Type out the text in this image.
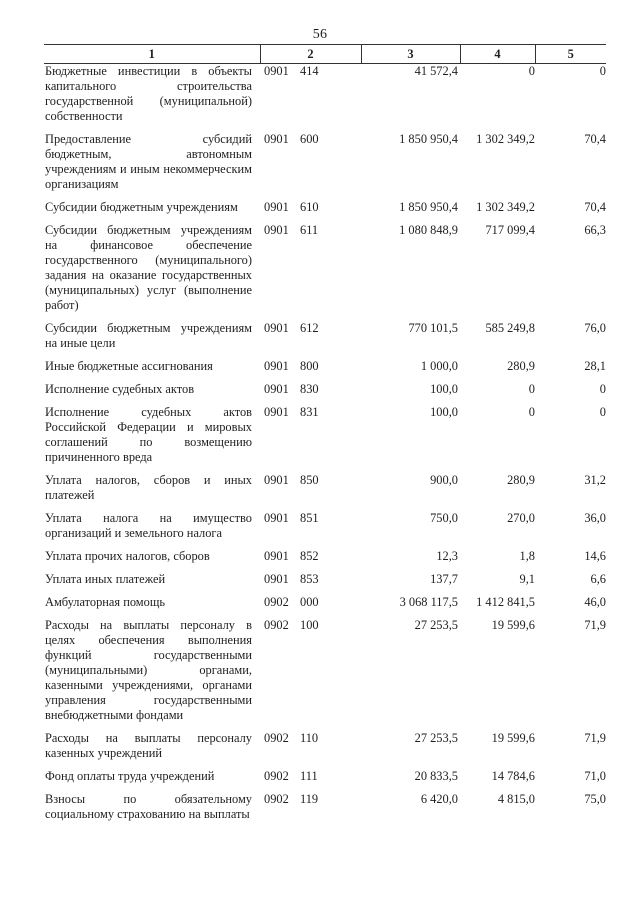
56
1	2	3	4	5
Бюджетные инвестиции в объекты капитального строительства государственной (муниципальной) собственности	0901 414	41 572,4	0	0
Предоставление субсидий бюджетным, автономным учреждениям и иным некоммерческим организациям	0901 600	1 850 950,4	1 302 349,2	70,4
Субсидии бюджетным учреждениям	0901 610	1 850 950,4	1 302 349,2	70,4
Субсидии бюджетным учреждениям на финансовое обеспечение государственного (муниципального) задания на оказание государственных (муниципальных) услуг (выполнение работ)	0901 611	1 080 848,9	717 099,4	66,3
Субсидии бюджетным учреждениям на иные цели	0901 612	770 101,5	585 249,8	76,0
Иные бюджетные ассигнования	0901 800	1 000,0	280,9	28,1
Исполнение судебных актов	0901 830	100,0	0	0
Исполнение судебных актов Российской Федерации и мировых соглашений по возмещению причиненного вреда	0901 831	100,0	0	0
Уплата налогов, сборов и иных платежей	0901 850	900,0	280,9	31,2
Уплата налога на имущество организаций и земельного налога	0901 851	750,0	270,0	36,0
Уплата прочих налогов, сборов	0901 852	12,3	1,8	14,6
Уплата иных платежей	0901 853	137,7	9,1	6,6
Амбулаторная помощь	0902 000	3 068 117,5	1 412 841,5	46,0
Расходы на выплаты персоналу в целях обеспечения выполнения функций государственными (муниципальными) органами, казенными учреждениями, органами управления государственными внебюджетными фондами	0902 100	27 253,5	19 599,6	71,9
Расходы на выплаты персоналу казенных учреждений	0902 110	27 253,5	19 599,6	71,9
Фонд оплаты труда учреждений	0902 111	20 833,5	14 784,6	71,0
Взносы по обязательному социальному страхованию на выплаты	0902 119	6 420,0	4 815,0	75,0
